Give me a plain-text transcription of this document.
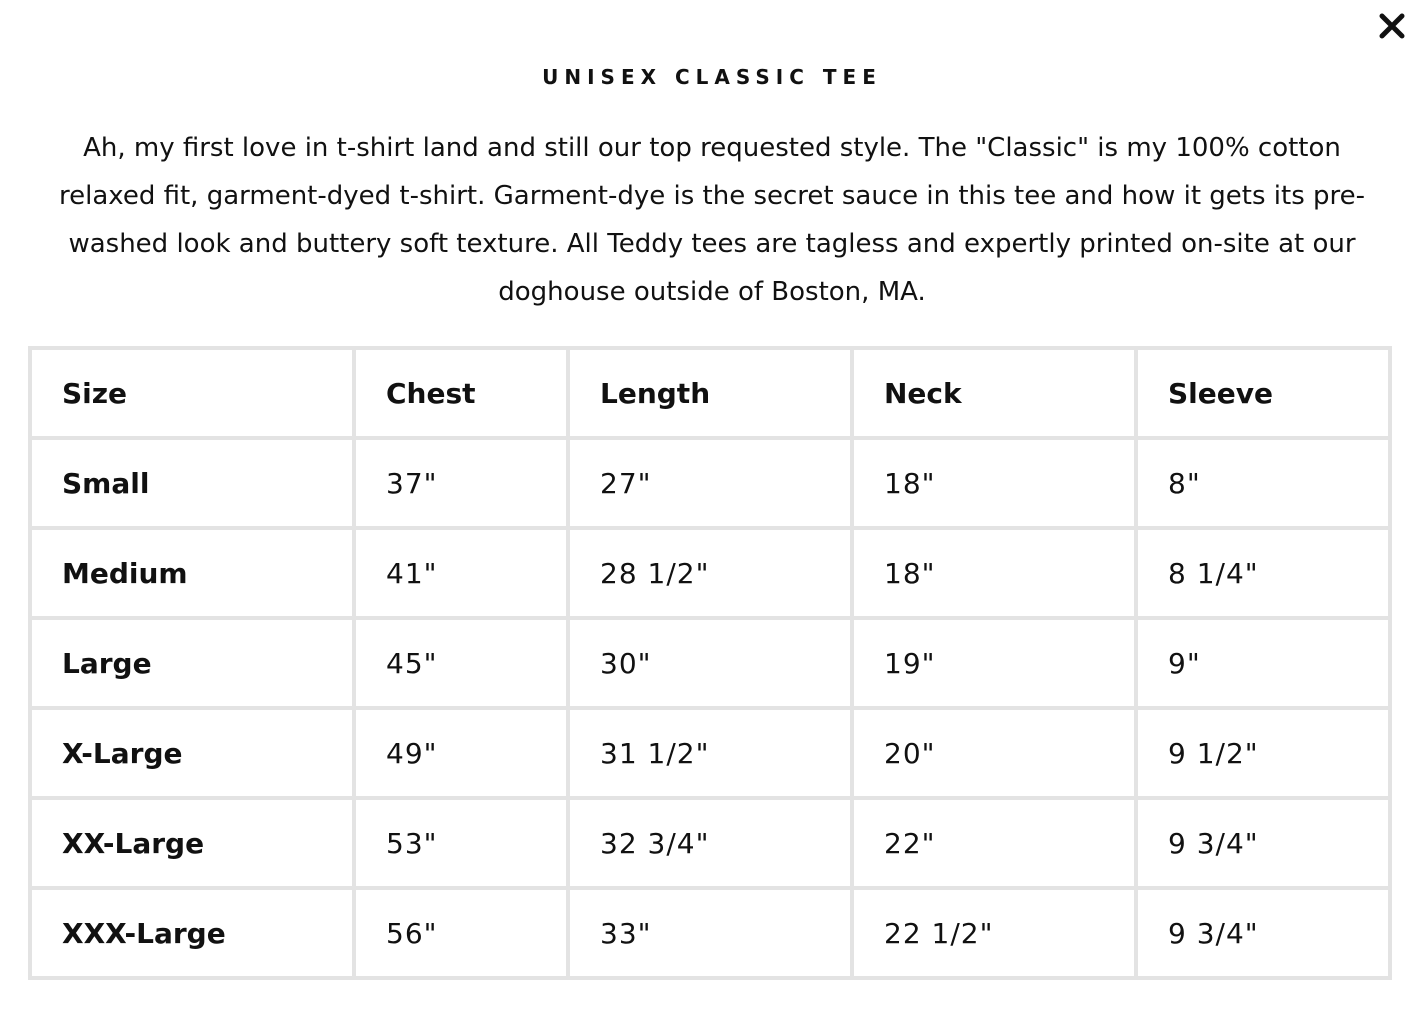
UNISEX CLASSIC TEE

Ah, my first love in t-shirt land and still our top requested style. The "Classic" is my 100% cotton relaxed fit, garment-dyed t-shirt. Garment-dye is the secret sauce in this tee and how it gets its pre-washed look and buttery soft texture. All Teddy tees are tagless and expertly printed on-site at our doghouse outside of Boston, MA.

Size	Chest	Length	Neck	Sleeve
Small	37"	27"	18"	8"
Medium	41"	28 1/2"	18"	8 1/4"
Large	45"	30"	19"	9"
X-Large	49"	31 1/2"	20"	9 1/2"
XX-Large	53"	32 3/4"	22"	9 3/4"
XXX-Large	56"	33"	22 1/2"	9 3/4"
